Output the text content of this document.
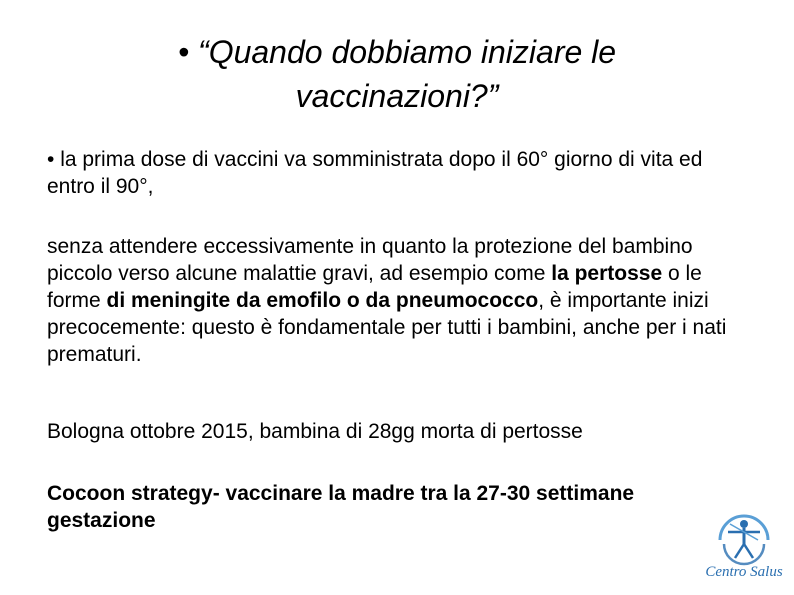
• “Quando dobbiamo iniziare le
vaccinazioni?”
• la prima dose di vaccini va somministrata dopo il 60° giorno di vita ed entro il 90°,
senza attendere eccessivamente in quanto la protezione del bambino piccolo verso alcune malattie gravi, ad esempio come la pertosse o le forme di meningite da emofilo o da pneumococco, è importante inizi precocemente: questo è fondamentale per tutti i bambini, anche per i nati prematuri.
Bologna ottobre 2015, bambina di 28gg morta di pertosse
Cocoon strategy- vaccinare la madre tra la 27-30 settimane gestazione
Centro Salus
